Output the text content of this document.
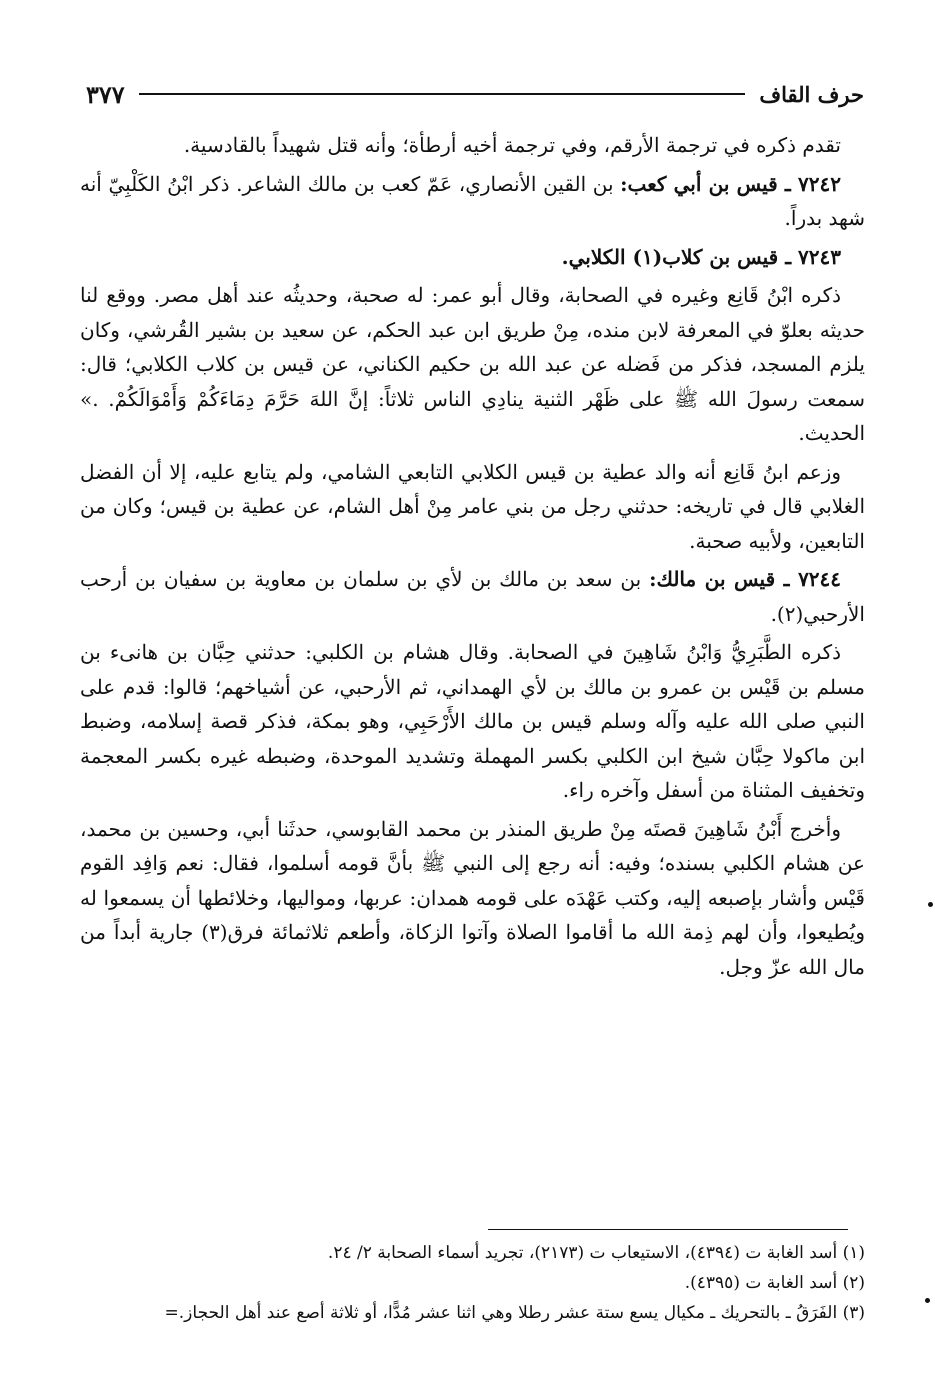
حرف القاف
٣٧٧

تقدم ذكره في ترجمة الأرقم، وفي ترجمة أخيه أرطأة؛ وأنه قتل شهيداً بالقادسية.

٧٢٤٢ ـ قيس بن أبي كعب: بن القين الأنصاري، عَمّ كعب بن مالك الشاعر. ذكر ابْنُ الكَلْبِيّ أنه شهد بدراً.

٧٢٤٣ ـ قيس بن كلاب(١) الكلابي.

ذكره ابْنُ قَانِع وغيره في الصحابة، وقال أبو عمر: له صحبة، وحديثُه عند أهل مصر. ووقع لنا حديثه بعلوّ في المعرفة لابن منده، مِنْ طريق ابن عبد الحكم، عن سعيد بن بشير القُرشي، وكان يلزم المسجد، فذكر من فَضله عن عبد الله بن حكيم الكناني، عن قيس بن كلاب الكلابي؛ قال: سمعت رسولَ الله ﷺ على ظَهْر الثنية ينادِي الناس ثلاثاً: إنَّ اللهَ حَرَّمَ دِمَاءَكُمْ وَأَمْوَالَكُمْ. .» الحديث.

وزعم ابنُ قَانِع أنه والد عطية بن قيس الكلابي التابعي الشامي، ولم يتابع عليه، إلا أن الفضل الغلابي قال في تاريخه: حدثني رجل من بني عامر مِنْ أهل الشام، عن عطية بن قيس؛ وكان من التابعين، ولأبيه صحبة.

٧٢٤٤ ـ قيس بن مالك: بن سعد بن مالك بن لأي بن سلمان بن معاوية بن سفيان بن أرحب الأرحبي(٢).

ذكره الطَّبَرِيُّ وَابْنُ شَاهِينَ في الصحابة. وقال هشام بن الكلبي: حدثني حِبَّان بن هانىء بن مسلم بن قَيْس بن عمرو بن مالك بن لأي الهمداني، ثم الأرحبي، عن أشياخهم؛ قالوا: قدم على النبي صلى الله عليه وآله وسلم قيس بن مالك الأَرْحَبِي، وهو بمكة، فذكر قصة إسلامه، وضبط ابن ماكولا حِبَّان شيخ ابن الكلبي بكسر المهملة وتشديد الموحدة، وضبطه غيره بكسر المعجمة وتخفيف المثناة من أسفل وآخره راء.

وأخرج أَبْنُ شَاهِينَ قصتَه مِنْ طريق المنذر بن محمد القابوسي، حدثَنا أبي، وحسين بن محمد، عن هشام الكلبي بسنده؛ وفيه: أنه رجع إلى النبي ﷺ بأنَّ قومه أسلموا، فقال: نعم وَافِد القوم قَيْس وأشار بإصبعه إليه، وكتب عَهْدَه على قومه همدان: عربها، ومواليها، وخلائطها أن يسمعوا له ويُطيعوا، وأن لهم ذِمة الله ما أقاموا الصلاة وآتوا الزكاة، وأطعم ثلاثمائة فرق(٣) جارية أبداً من مال الله عزّ وجل.

(١) أسد الغابة ت (٤٣٩٤)، الاستيعاب ت (٢١٧٣)، تجريد أسماء الصحابة ٢/ ٢٤.
(٢) أسد الغابة ت (٤٣٩٥).
(٣) الفَرَقُ ـ بالتحريك ـ مكيال يسع ستة عشر رطلا وهي اثنا عشر مُدًّا، أو ثلاثة أصع عند أهل الحجاز.=
